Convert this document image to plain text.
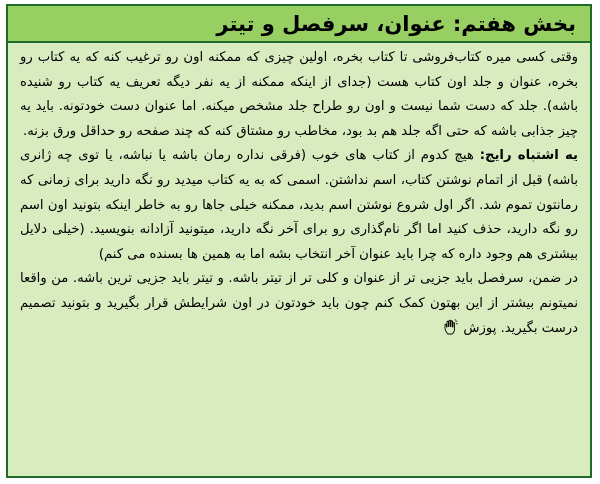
بخش هفتم: عنوان، سرفصل و تیتر

وقتی کسی میره کتاب‌فروشی تا کتاب بخره، اولین چیزی که ممکنه اون رو ترغیب کنه که یه کتاب رو بخره، عنوان و جلد اون کتاب هست (جدای از اینکه ممکنه از یه نفر دیگه تعریف یه کتاب رو شنیده باشه). جلد که دست شما نیست و اون رو طراح جلد مشخص میکنه. اما عنوان دست خودتونه. باید یه چیز جذابی باشه که حتی اگه جلد هم بد بود، مخاطب رو مشتاق کنه که چند صفحه رو حداقل ورق بزنه.

یه اشتباه رایج: هیچ کدوم از کتاب های خوب (فرقی نداره رمان باشه یا نباشه، یا توی چه ژانری باشه) قبل از اتمام نوشتن کتاب، اسم نداشتن. اسمی که به یه کتاب میدید رو نگه دارید برای زمانی که رمانتون تموم شد. اگر اول شروع نوشتن اسم بدید، ممکنه خیلی جاها رو به خاطر اینکه بتونید اون اسم رو نگه دارید، حذف کنید اما اگر نام‌گذاری رو برای آخر نگه دارید، میتونید آزادانه بنویسید. (خیلی دلایل بیشتری هم وجود داره که چرا باید عنوان آخر انتخاب بشه اما به همین ها بسنده می کنم)

در ضمن، سرفصل باید جزیی تر از عنوان و کلی تر از تیتر باشه. و تیتر باید جزیی ترین باشه. من واقعا نمیتونم بیشتر از این بهتون کمک کنم چون باید خودتون در اون شرایطش قرار بگیرید و بتونید تصمیم درست بگیرید. پوزش
